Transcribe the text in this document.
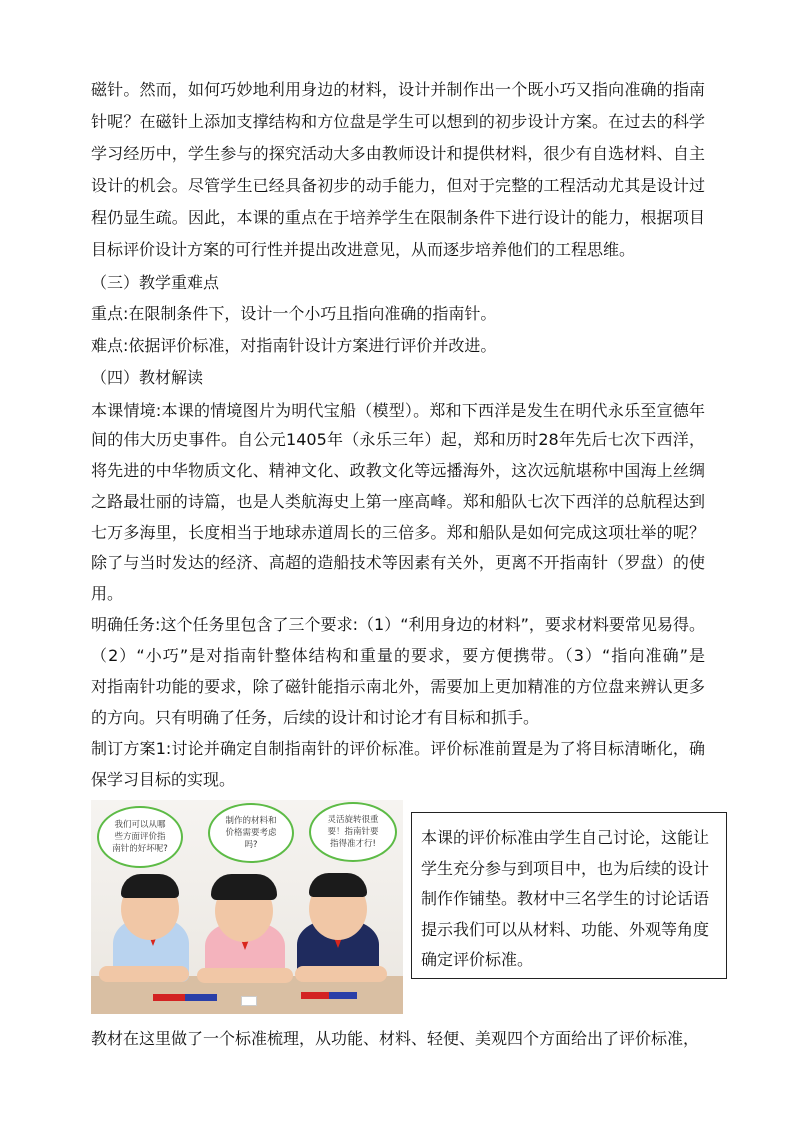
磁针。然而，如何巧妙地利用身边的材料，设计并制作出一个既小巧又指向准确的指南
针呢？在磁针上添加支撑结构和方位盘是学生可以想到的初步设计方案。在过去的科学
学习经历中，学生参与的探究活动大多由教师设计和提供材料，很少有自选材料、自主
设计的机会。尽管学生已经具备初步的动手能力，但对于完整的工程活动尤其是设计过
程仍显生疏。因此，本课的重点在于培养学生在限制条件下进行设计的能力，根据项目
目标评价设计方案的可行性并提出改进意见，从而逐步培养他们的工程思维。
（三）教学重难点
重点:在限制条件下，设计一个小巧且指向准确的指南针。
难点:依据评价标准，对指南针设计方案进行评价并改进。
（四）教材解读
本课情境:本课的情境图片为明代宝船（模型）。郑和下西洋是发生在明代永乐至宣德年
间的伟大历史事件。自公元1405年（永乐三年）起，郑和历时28年先后七次下西洋，
将先进的中华物质文化、精神文化、政教文化等远播海外，这次远航堪称中国海上丝绸
之路最壮丽的诗篇，也是人类航海史上第一座高峰。郑和船队七次下西洋的总航程达到
七万多海里，长度相当于地球赤道周长的三倍多。郑和船队是如何完成这项壮举的呢？
除了与当时发达的经济、高超的造船技术等因素有关外，更离不开指南针（罗盘）的使
用。
明确任务:这个任务里包含了三个要求:（1）“利用身边的材料”，要求材料要常见易得。
（2）“小巧”是对指南针整体结构和重量的要求，要方便携带。（3）“指向准确”是
对指南针功能的要求，除了磁针能指示南北外，需要加上更加精准的方位盘来辨认更多
的方向。只有明确了任务，后续的设计和讨论才有目标和抓手。
制订方案1:讨论并确定自制指南针的评价标准。评价标准前置是为了将目标清晰化，确
保学习目标的实现。
我们可以从哪些方面评价指南针的好坏呢?
制作的材料和价格需要考虑吗?
灵活旋转很重要！指南针要指得准才行!	本课的评价标准由学生自己讨论，这能让学生充分参与到项目中，也为后续的设计制作作铺垫。教材中三名学生的讨论话语提示我们可以从材料、功能、外观等角度确定评价标准。
教材在这里做了一个标准梳理，从功能、材料、轻便、美观四个方面给出了评价标准，
